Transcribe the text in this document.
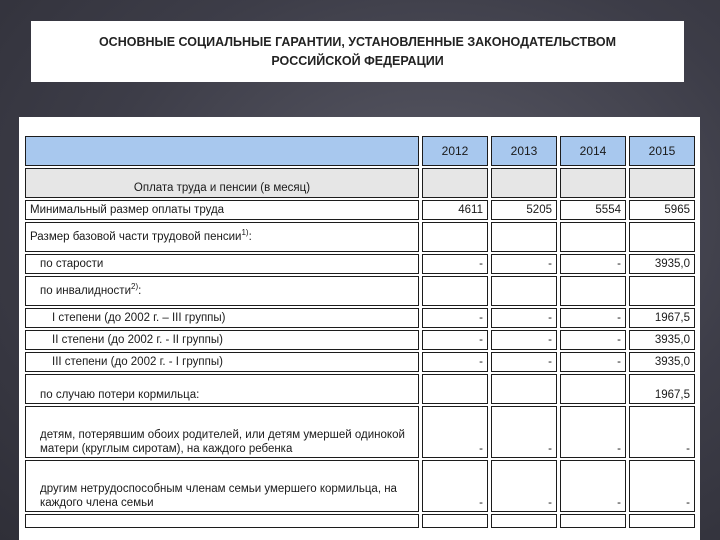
ОСНОВНЫЕ СОЦИАЛЬНЫЕ ГАРАНТИИ, УСТАНОВЛЕННЫЕ ЗАКОНОДАТЕЛЬСТВОМ
РОССИЙСКОЙ ФЕДЕРАЦИИ
	2012	2013	2014	2015
Оплата труда и пенсии (в месяц)				
Минимальный размер оплаты труда	4611	5205	5554	5965
Размер базовой части трудовой пенсии$^{1)}$:				
по старости	-	-	-	3935,0
по инвалидности$^{2)}$:				
I степени (до 2002 г. – III группы)	-	-	-	1967,5
II степени (до 2002 г. - II группы)	-	-	-	3935,0
III степени (до 2002 г. - I группы)	-	-	-	3935,0
по случаю потери кормильца:				1967,5
детям, потерявшим обоих родителей, или детям умершей одинокой матери (круглым сиротам), на каждого ребенка	-	-	-	-
другим нетрудоспособным членам семьи умершего кормильца, на каждого члена семьи	-	-	-	-
